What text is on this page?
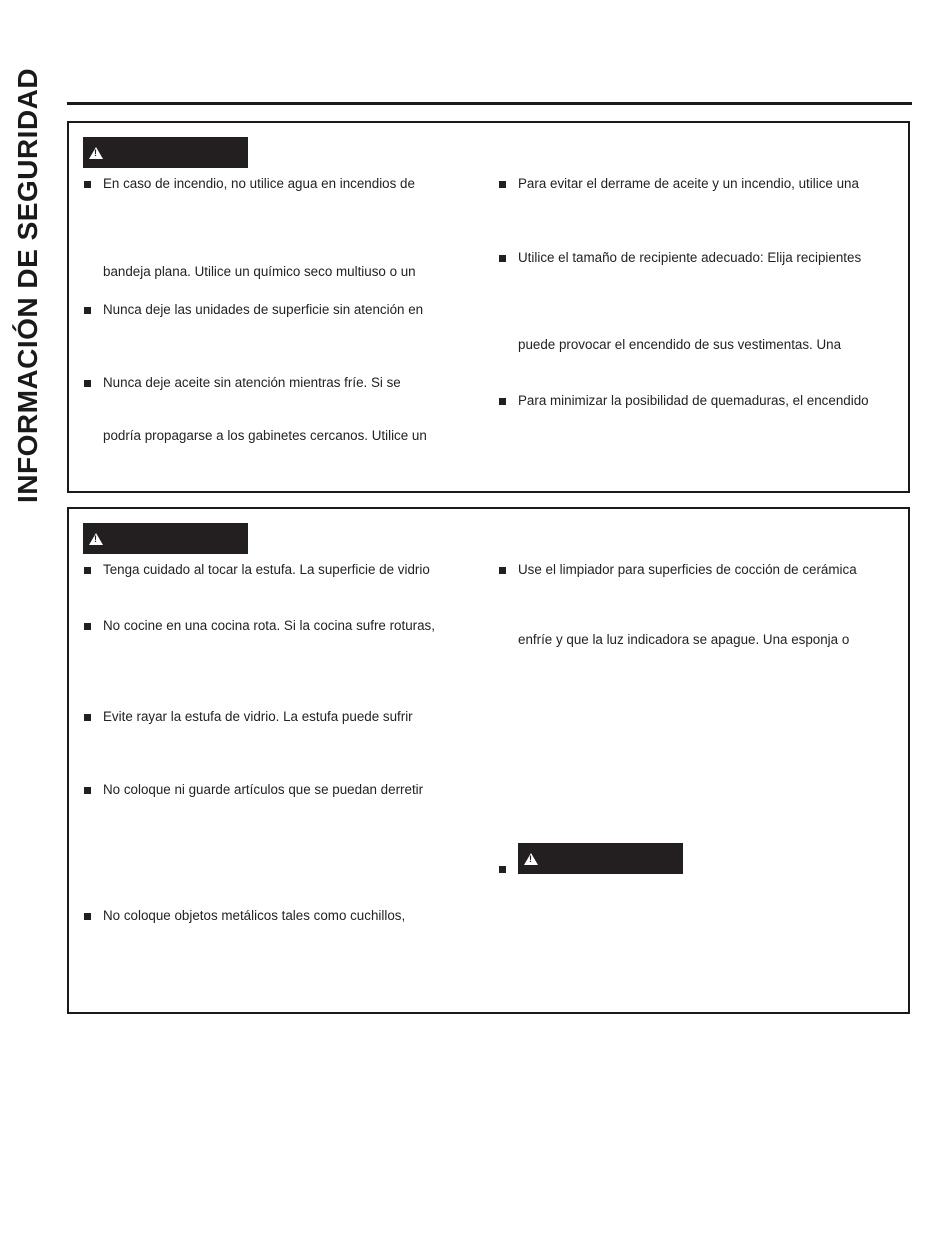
INFORMACIÓN DE SEGURIDAD
!	En caso de incendio, no utilice agua en incendios de
bandeja plana. Utilice un químico seco multiuso o un
Nunca deje las unidades de superficie sin atención en
Nunca deje aceite sin atención mientras fríe. Si se
podría propagarse a los gabinetes cercanos. Utilice un
Para evitar el derrame de aceite y un incendio, utilice una
Utilice el tamaño de recipiente adecuado: Elija recipientes
puede provocar el encendido de sus vestimentas. Una
Para minimizar la posibilidad de quemaduras, el encendido
!
Tenga cuidado al tocar la estufa. La superficie de vidrio
No cocine en una cocina rota. Si la cocina sufre roturas,
Evite rayar la estufa de vidrio. La estufa puede sufrir
No coloque ni guarde artículos que se puedan derretir
No coloque objetos metálicos tales como cuchillos,
Use el limpiador para superficies de cocción de cerámica
enfríe y que la luz indicadora se apague. Una esponja o
!
